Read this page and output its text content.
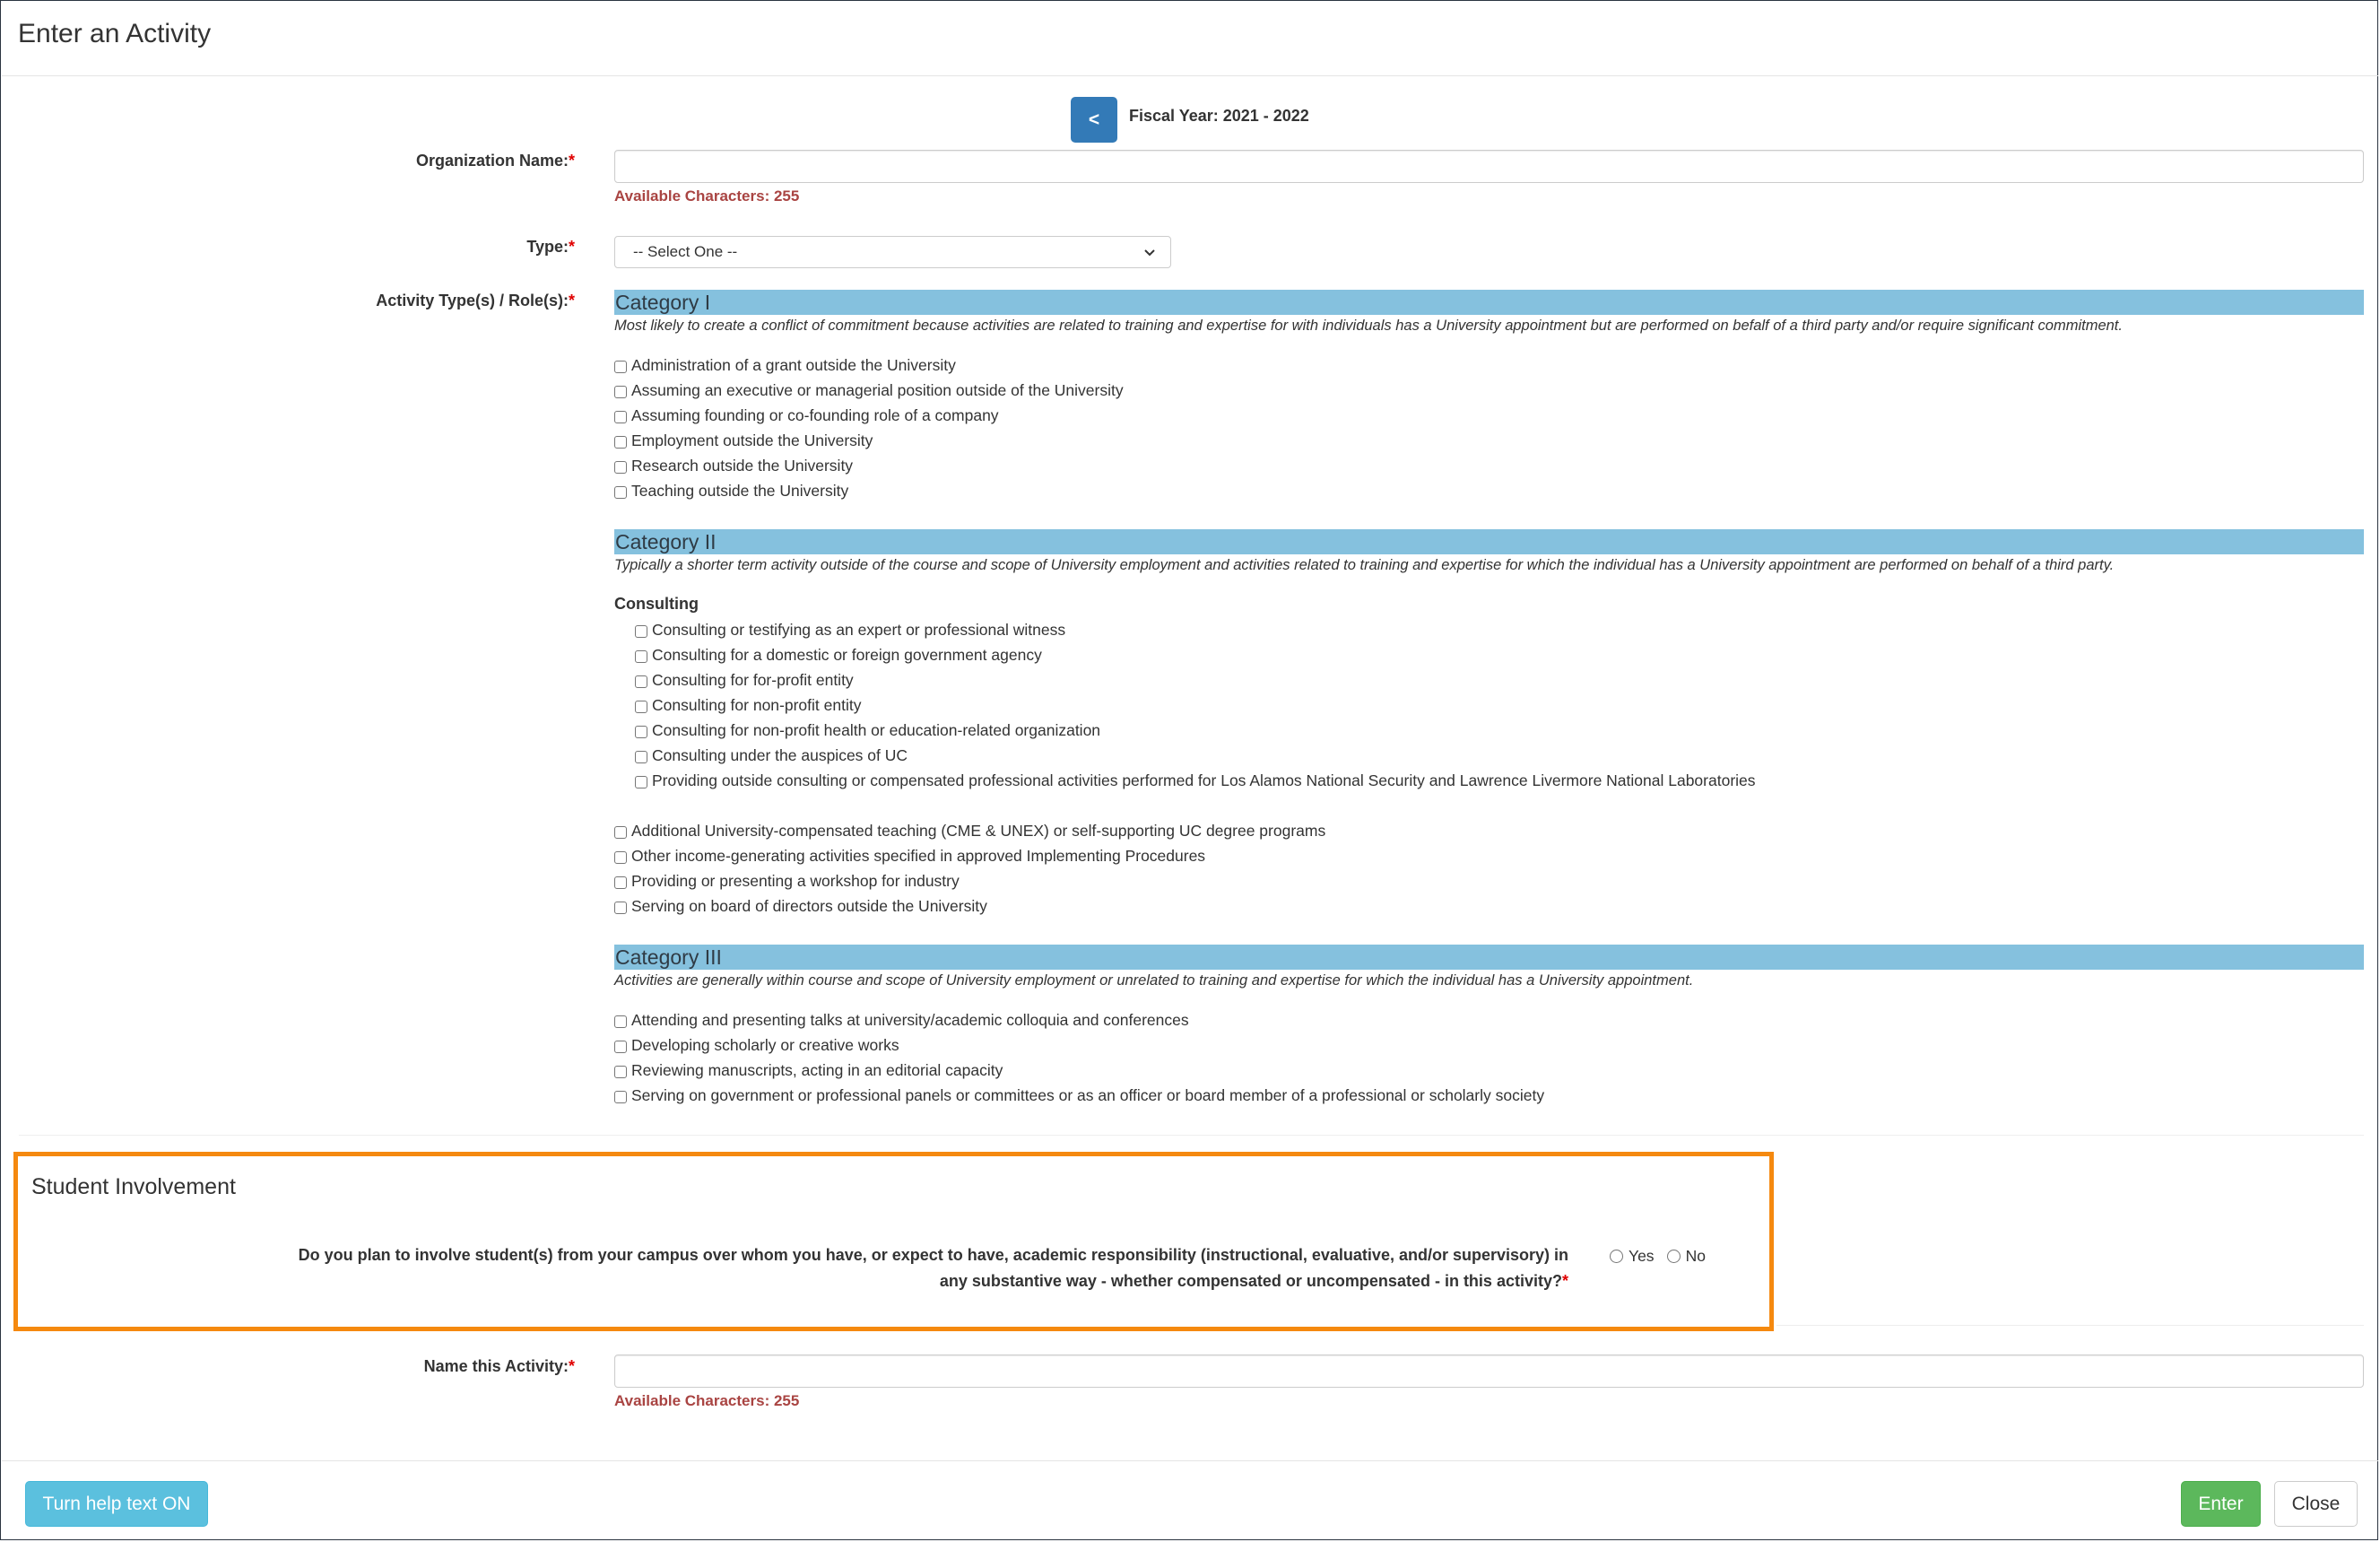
Enter an Activity
<	Fiscal Year: 2021 - 2022
Organization Name:*
Available Characters: 255
Type:*	-- Select One --
Activity Type(s) / Role(s):* Category I
Most likely to create a conflict of commitment because activities are related to training and expertise for with individuals has a University appointment but are performed on befalf of a third party and/or require significant commitment.
Administration of a grant outside the University
Assuming an executive or managerial position outside of the University
Assuming founding or co-founding role of a company
Employment outside the University
Research outside the University
Teaching outside the University
Category II
Typically a shorter term activity outside of the course and scope of University employment and activities related to training and expertise for which the individual has a University appointment are performed on behalf of a third party.
Consulting
Consulting or testifying as an expert or professional witness
Consulting for a domestic or foreign government agency
Consulting for for-profit entity
Consulting for non-profit entity
Consulting for non-profit health or education-related organization
Consulting under the auspices of UC
Providing outside consulting or compensated professional activities performed for Los Alamos National Security and Lawrence Livermore National Laboratories
Additional University-compensated teaching (CME & UNEX) or self-supporting UC degree programs
Other income-generating activities specified in approved Implementing Procedures
Providing or presenting a workshop for industry
Serving on board of directors outside the University
Category III
Activities are generally within course and scope of University employment or unrelated to training and expertise for which the individual has a University appointment.
Attending and presenting talks at university/academic colloquia and conferences
Developing scholarly or creative works
Reviewing manuscripts, acting in an editorial capacity
Serving on government or professional panels or committees or as an officer or board member of a professional or scholarly society
Student Involvement
Do you plan to involve student(s) from your campus over whom you have, or expect to have, academic responsibility (instructional, evaluative, and/or supervisory) in
any substantive way - whether compensated or uncompensated - in this activity?*
Yes No
Name this Activity:*
Available Characters: 255
Turn help text ON	Enter	Close
